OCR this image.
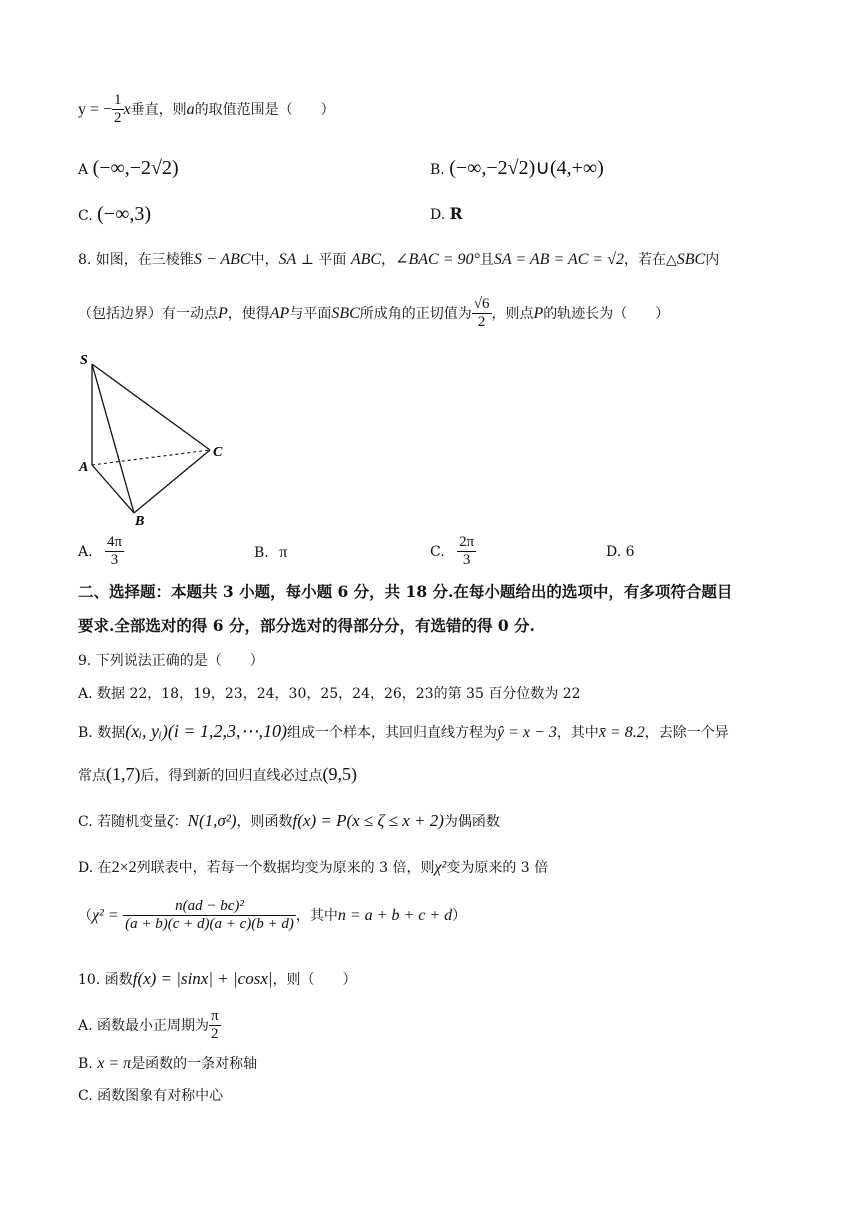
y = − $\frac{1}{2}$ x垂直，则a的取值范围是（　　）
A (−∞,−2√2)	B. (−∞,−2√2)∪(4,+∞)
C. (−∞,3)	D. R
8. 如图，在三棱锥S − ABC中，SA ⊥ 平面 ABC，∠BAC = 90°且SA = AB = AC = √2，若在△SBC内
（包括边界）有一动点P，使得AP与平面SBC所成角的正切值为 $\frac{√6}{2}$ ，则点P的轨迹长为（　　）
S
A
B
C
A. $\frac{4\pi}{3}$	B. π	C. $\frac{2\pi}{3}$	D. 6
二、选择题：本题共 3 小题，每小题 6 分，共 18 分.在每小题给出的选项中，有多项符合题目
要求.全部选对的得 6 分，部分选对的得部分分，有选错的得 0 分.
9. 下列说法正确的是（　　）
A. 数据 22，18，19，23，24，30，25，24，26，23的第 35 百分位数为 22
B. 数据(xᵢ, yᵢ)(i = 1,2,3,⋯,10)组成一个样本，其回归直线方程为ŷ = x − 3，其中x̄ = 8.2，去除一个异
常点(1,7)后，得到新的回归直线必过点(9,5)
C. 若随机变量ζ：N(1,σ²)，则函数f(x) = P(x ≤ ζ ≤ x + 2)为偶函数
D. 在2×2列联表中，若每一个数据均变为原来的 3 倍，则χ²变为原来的 3 倍
（$\chi^2 = \frac{\text{n(ad − bc)²}}{(a + b)(c + d)(a + c)(b + d)}$ ，其中n = a + b + c + d）
10. 函数f(x) = |sinx| + |cosx|，则（　　）
A. 函数最小正周期为 $\frac{\pi}{2}$
B. x = π是函数的一条对称轴
C. 函数图象有对称中心
